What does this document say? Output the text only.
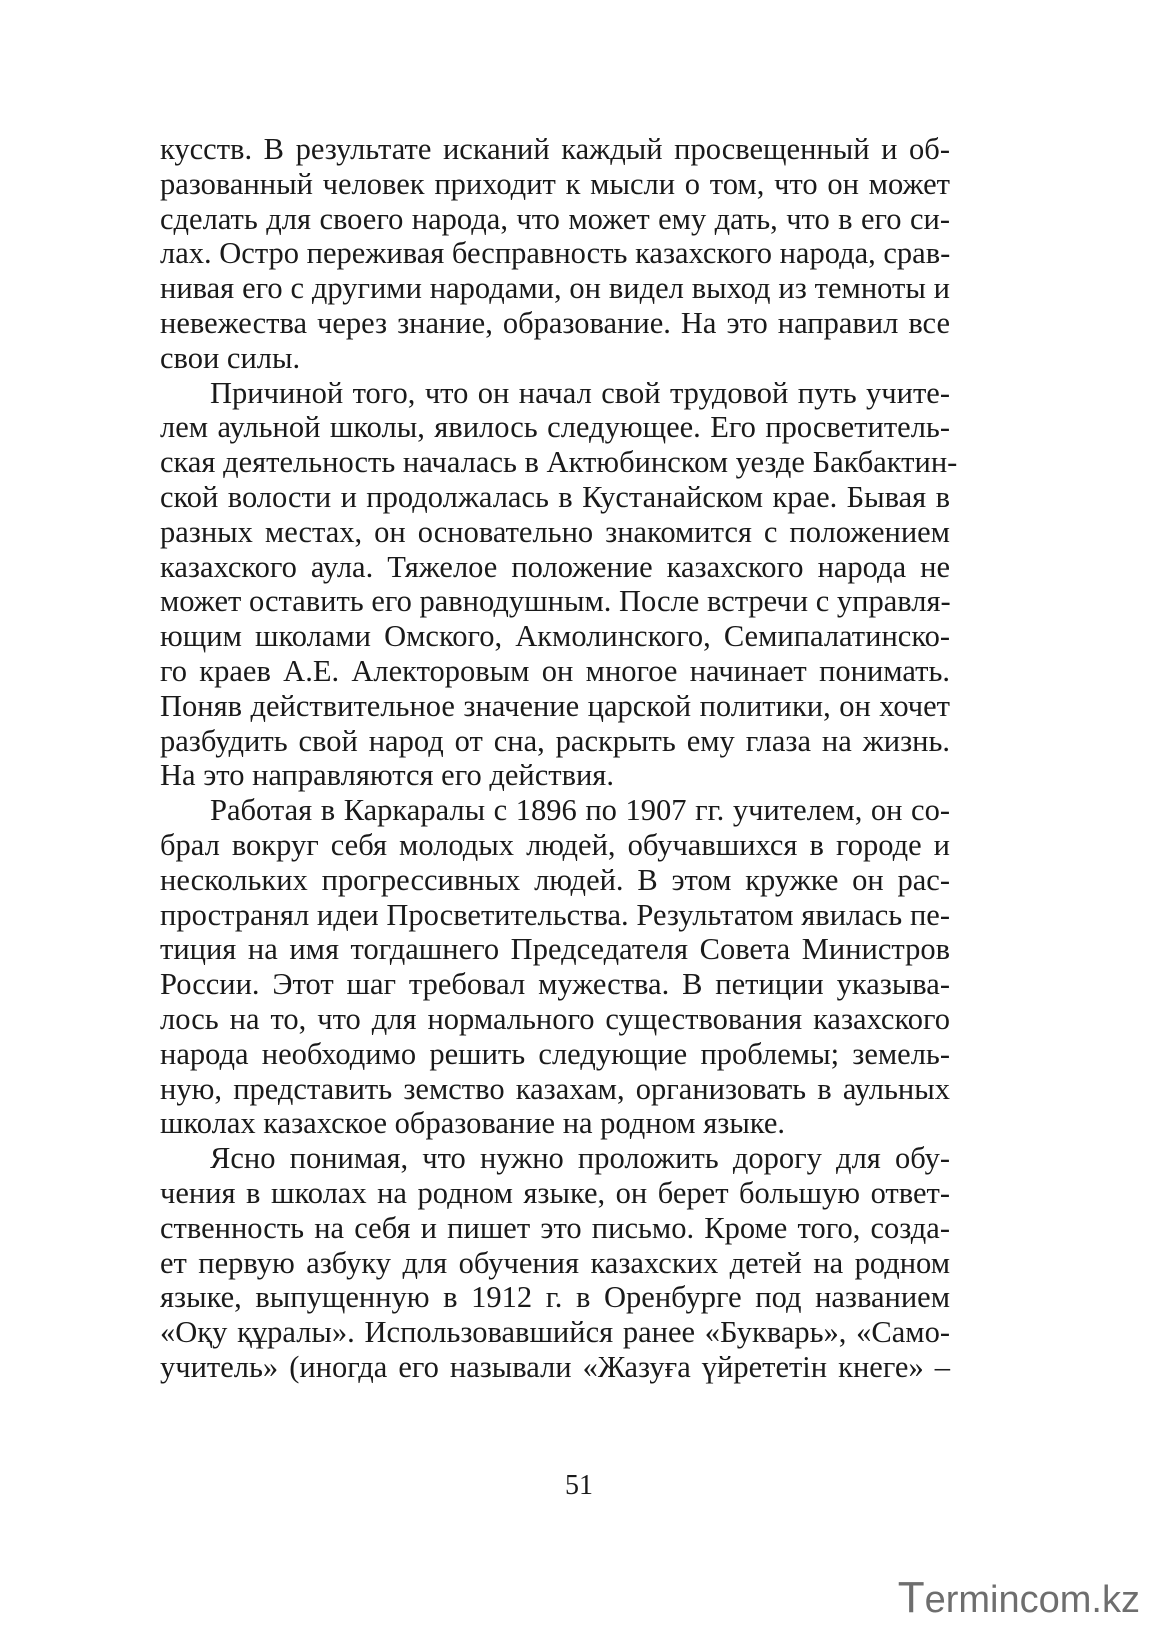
кусств. В результате исканий каждый просвещенный и об-
разованный человек приходит к мысли о том, что он может
сделать для своего народа, что может ему дать, что в его си-
лах. Остро переживая бесправность казахского народа, срав-
нивая его с другими народами, он видел выход из темноты и
невежества через знание, образование. На это направил все
свои силы.
Причиной того, что он начал свой трудовой путь учите-
лем аульной школы, явилось следующее. Его просветитель-
ская деятельность началась в Актюбинском уезде Бакбактин-
ской волости и продолжалась в Кустанайском крае. Бывая в
разных местах, он основательно знакомится с положением
казахского аула. Тяжелое положение казахского народа не
может оставить его равнодушным. После встречи с управля-
ющим школами Омского, Акмолинского, Семипалатинско-
го краев А.Е. Алекторовым он многое начинает понимать.
Поняв действительное значение царской политики, он хочет
разбудить свой народ от сна, раскрыть ему глаза на жизнь.
На это направляются его действия.
Работая в Каркаралы с 1896 по 1907 гг. учителем, он со-
брал вокруг себя молодых людей, обучавшихся в городе и
нескольких прогрессивных людей. В этом кружке он рас-
пространял идеи Просветительства. Результатом явилась пе-
тиция на имя тогдашнего Председателя Совета Министров
России. Этот шаг требовал мужества. В петиции указыва-
лось на то, что для нормального существования казахского
народа необходимо решить следующие проблемы; земель-
ную, представить земство казахам, организовать в аульных
школах казахское образование на родном языке.
Ясно понимая, что нужно проложить дорогу для обу-
чения в школах на родном языке, он берет большую ответ-
ственность на себя и пишет это письмо. Кроме того, созда-
ет первую азбуку для обучения казахских детей на родном
языке, выпущенную в 1912 г. в Оренбурге под названием
«Оқу құралы». Использовавшийся ранее «Букварь», «Само-
учитель» (иногда его называли «Жазуға үйрететін кнеге» –
51
Termincom.kz
